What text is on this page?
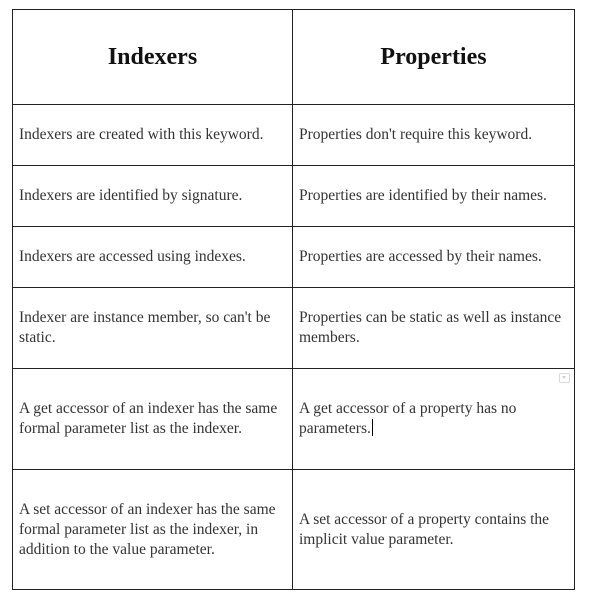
Indexers	Properties
Indexers are created with this keyword.	Properties don't require this keyword.
Indexers are identified by signature.	Properties are identified by their names.
Indexers are accessed using indexes.	Properties are accessed by their names.
Indexer are instance member, so can't be static.	Properties can be static as well as instance members.
A get accessor of an indexer has the same formal parameter list as the indexer.	A get accessor of a property has no parameters.

A set accessor of an indexer has the same formal parameter list as the indexer, in addition to the value parameter.	A set accessor of a property contains the implicit value parameter.
